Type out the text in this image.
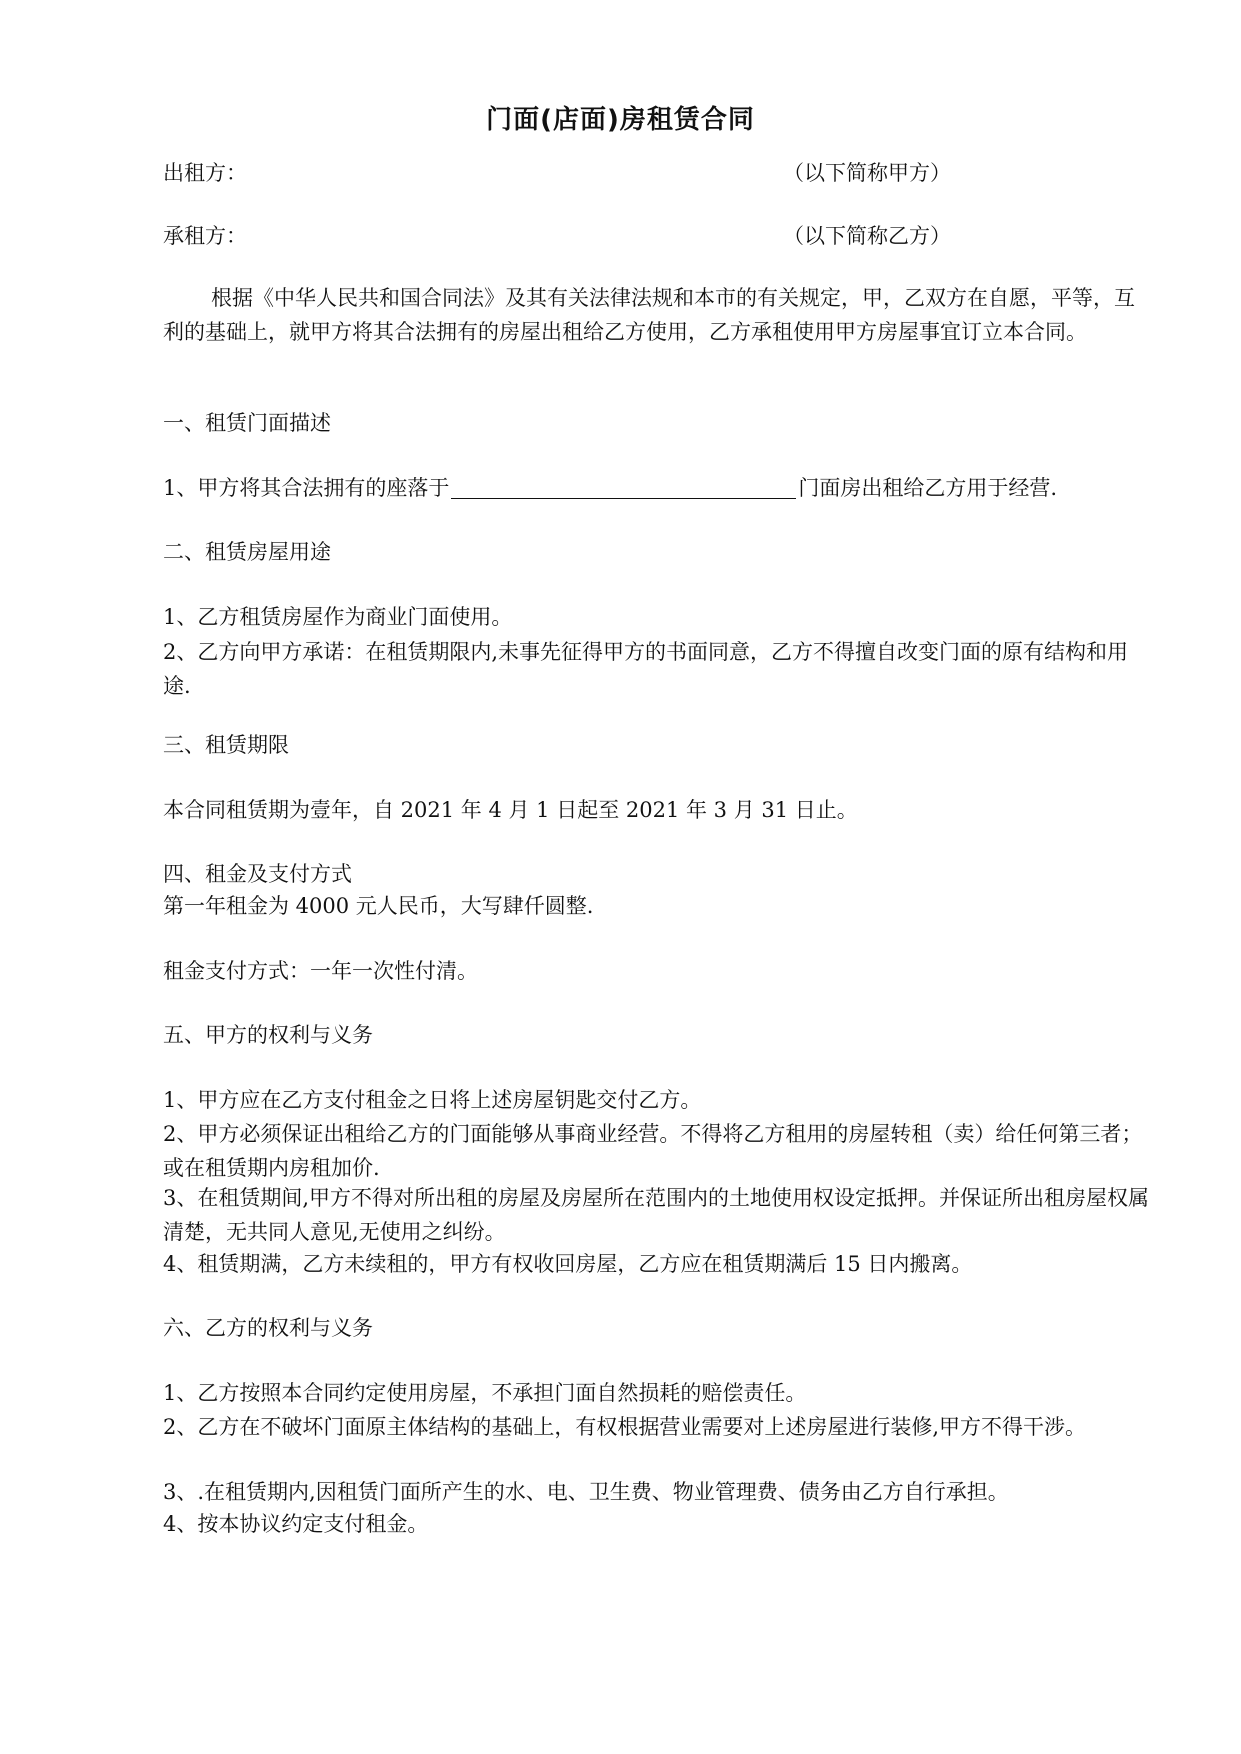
门面(店面)房租赁合同
出租方：	（以下简称甲方）
承租方：	（以下简称乙方）
根据《中华人民共和国合同法》及其有关法律法规和本市的有关规定，甲，乙双方在自愿，平等，互利的基础上，就甲方将其合法拥有的房屋出租给乙方使用，乙方承租使用甲方房屋事宜订立本合同。
一、租赁门面描述
1、甲方将其合法拥有的座落于	门面房出租给乙方用于经营.
二、租赁房屋用途
1、乙方租赁房屋作为商业门面使用。
2、乙方向甲方承诺：在租赁期限内,未事先征得甲方的书面同意，乙方不得擅自改变门面的原有结构和用途.
三、租赁期限
本合同租赁期为壹年，自 2021 年 4 月 1 日起至 2021 年 3 月 31 日止。
四、租金及支付方式
第一年租金为 4000 元人民币，大写肆仟圆整.
租金支付方式：一年一次性付清。
五、甲方的权利与义务
1、甲方应在乙方支付租金之日将上述房屋钥匙交付乙方。
2、甲方必须保证出租给乙方的门面能够从事商业经营。不得将乙方租用的房屋转租（卖）给任何第三者；或在租赁期内房租加价.
3、在租赁期间,甲方不得对所出租的房屋及房屋所在范围内的土地使用权设定抵押。并保证所出租房屋权属清楚，无共同人意见,无使用之纠纷。
4、租赁期满，乙方未续租的，甲方有权收回房屋，乙方应在租赁期满后 15 日内搬离。
六、乙方的权利与义务
1、乙方按照本合同约定使用房屋，不承担门面自然损耗的赔偿责任。
2、乙方在不破坏门面原主体结构的基础上，有权根据营业需要对上述房屋进行装修,甲方不得干涉。
3、.在租赁期内,因租赁门面所产生的水、电、卫生费、物业管理费、债务由乙方自行承担。
4、按本协议约定支付租金。
